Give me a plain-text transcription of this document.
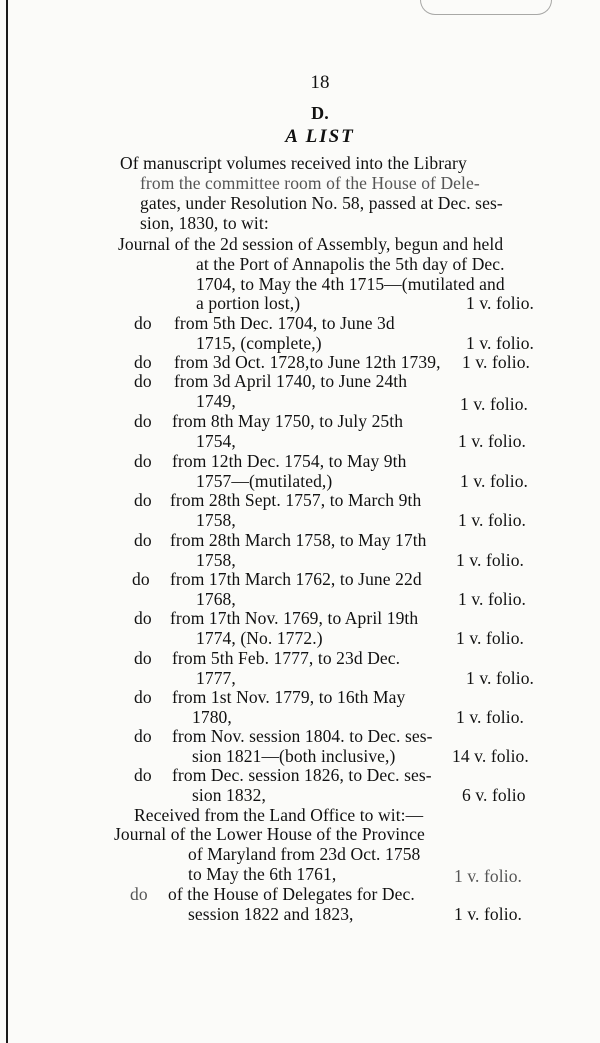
18
D.
A LIST
Of manuscript volumes received into the Library
from the committee room of the House of Dele-
gates, under Resolution No. 58, passed at Dec. ses-
sion, 1830, to wit:
Journal of the 2d session of Assembly, begun and held
at the Port of Annapolis the 5th day of Dec.
1704, to May the 4th 1715—(mutilated and
a portion lost,)	1 v. folio.
do from 5th Dec. 1704, to June 3d
1715, (complete,)	1 v. folio.
do from 3d Oct. 1728,to June 12th 1739, 1 v. folio.
do from 3d April 1740, to June 24th
1749,	1 v. folio.
do from 8th May 1750, to July 25th
1754,	1 v. folio.
do from 12th Dec. 1754, to May 9th
1757—(mutilated,)	1 v. folio.
do from 28th Sept. 1757, to March 9th
1758,	1 v. folio.
do from 28th March 1758, to May 17th
1758,	1 v. folio.
do from 17th March 1762, to June 22d
1768,	1 v. folio.
do from 17th Nov. 1769, to April 19th
1774, (No. 1772.)	1 v. folio.
do from 5th Feb. 1777, to 23d Dec.
1777,	1 v. folio.
do from 1st Nov. 1779, to 16th May
1780,	1 v. folio.
do from Nov. session 1804. to Dec. ses-
sion 1821—(both inclusive,)	14 v. folio.
do from Dec. session 1826, to Dec. ses-
sion 1832,	6 v. folio
Received from the Land Office to wit:—
Journal of the Lower House of the Province
of Maryland from 23d Oct. 1758
to May the 6th 1761,	1 v. folio.
do of the House of Delegates for Dec.
session 1822 and 1823,	1 v. folio.
